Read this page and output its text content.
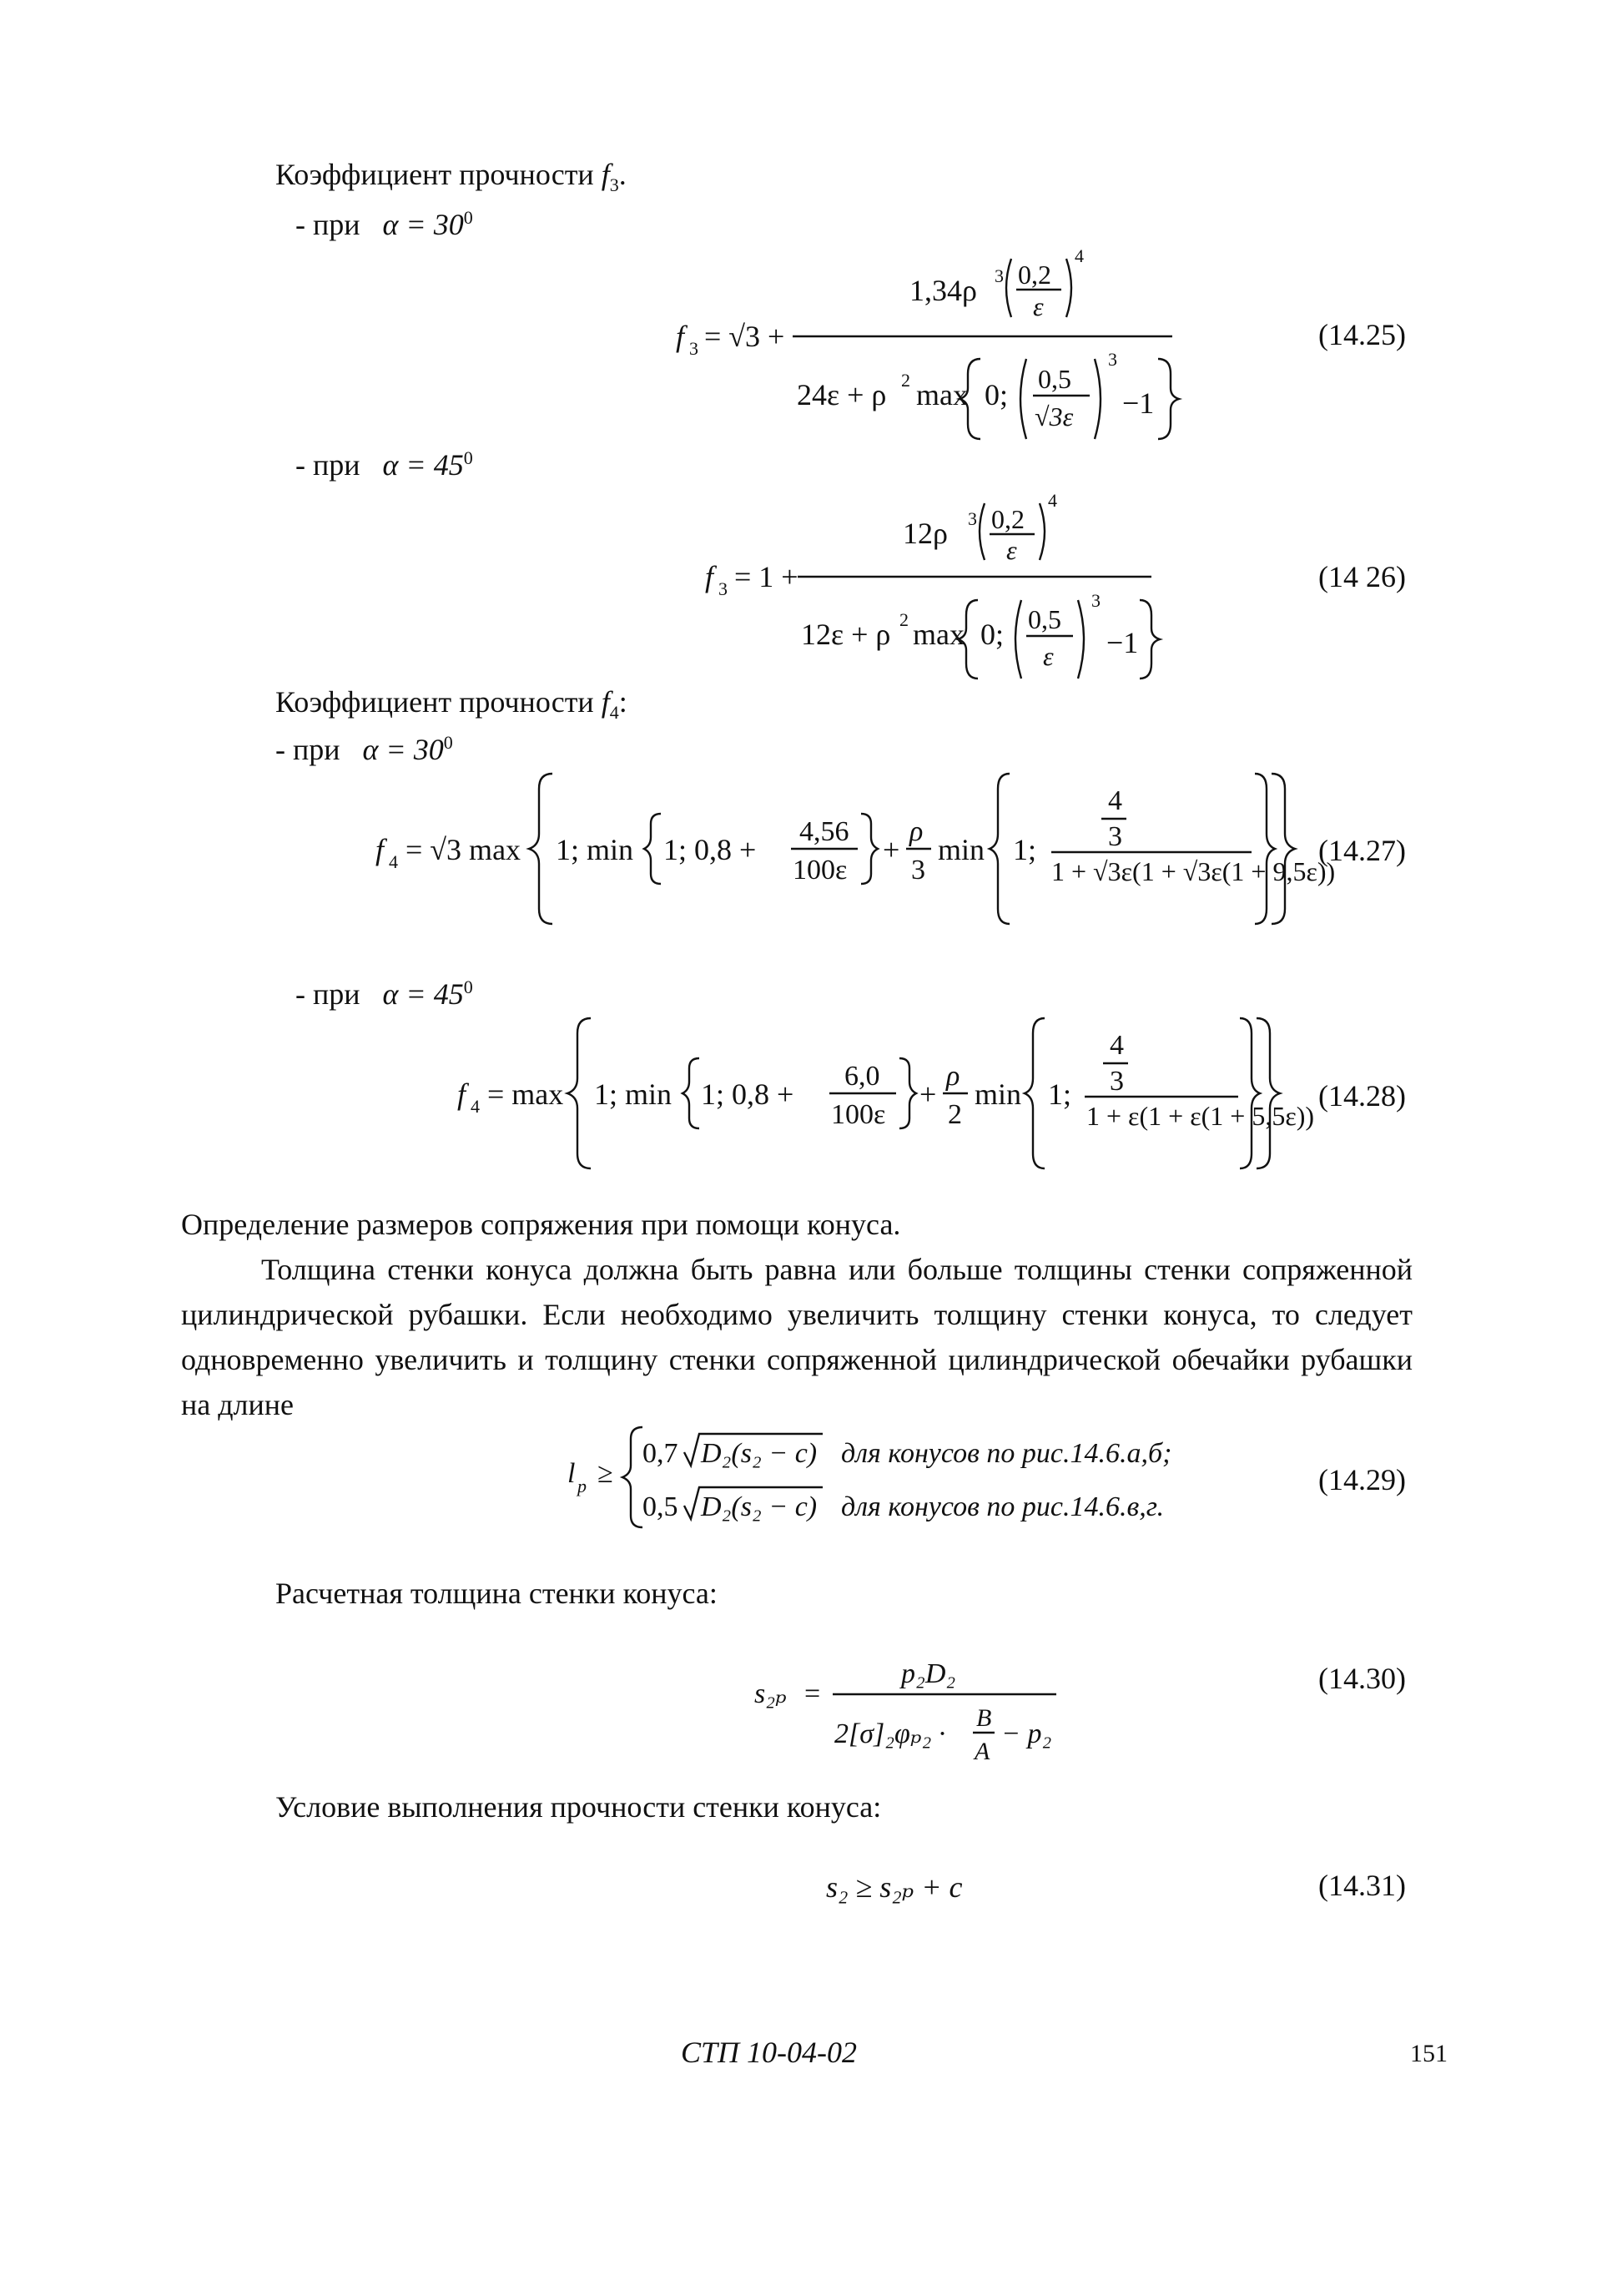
Коэффициент прочности $f_3$.
- при $\alpha = 30^0$
f 3 = √3 +
1,34ρ 3 0,2
ε
4
24ε + ρ 2 max 0; 0,5
√3ε
3
−1
(14.25)
- при $\alpha = 45^0$
f 3 = 1 +
12ρ 3 0,2
ε
4
12ε + ρ 2 max 0; 0,5
ε
3
−1
(14 26)
Коэффициент прочности $f_4$:
- при $\alpha = 30^0$
f 4 = √3 max 1; min 1; 0,8 +
4,56
100ε
+
ρ
3
min 1;
4
3
1 + √3ε(1 + √3ε(1 + 9,5ε))
(14.27)
- при $\alpha = 45^0$
f 4 = max 1; min 1; 0,8 +
6,0
100ε
+
ρ
2
min 1;
4
3
1 + ε(1 + ε(1 + 5,5ε))
(14.28)
Определение размеров сопряжения при помощи конуса.
Толщина стенки конуса должна быть равна или больше толщины стенки сопряженной цилиндрической рубашки. Если необходимо увеличить толщину стенки конуса, то следует одновременно увеличить и толщину стенки сопряженной цилиндрической обечайки рубашки на длине
l p ≥
0,7 D₂(s₂ − c) для конусов по рис.14.6.а,б;
0,5 D₂(s₂ − c) для конусов по рис.14.6.в,г.
(14.29)
Расчетная толщина стенки конуса:
s₂ₚ =
p₂D₂
2[σ]₂φₚ₂ ·
B
A
− p₂
(14.30)
Условие выполнения прочности стенки конуса:
s₂ ≥ s₂ₚ + c	(14.31)
СТП 10-04-02	151
